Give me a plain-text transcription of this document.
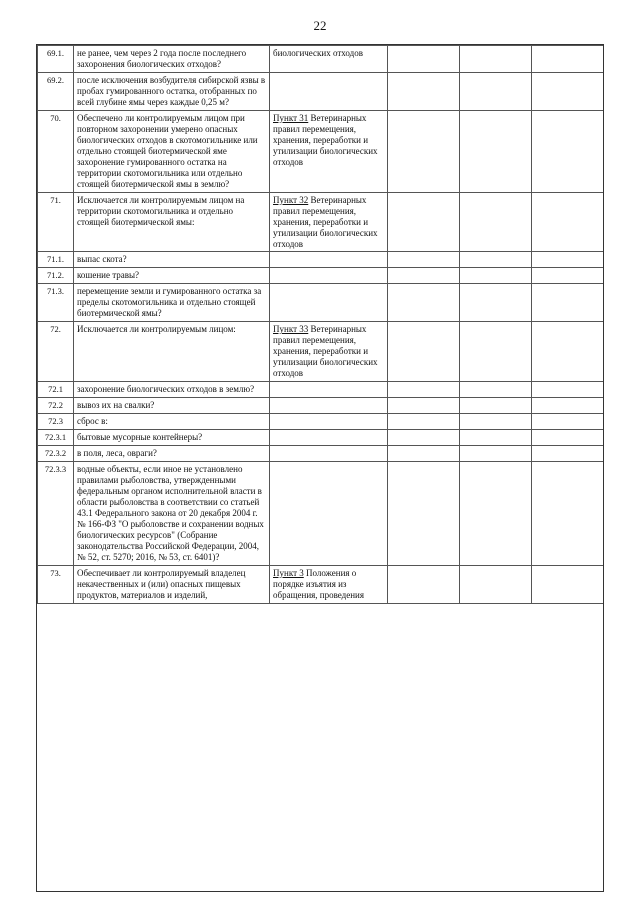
22
69.1.	не ранее, чем через 2 года после последнего захоронения биологических отходов?	биологических отходов			
69.2.	после исключения возбудителя сибирской язвы в пробах гумированного остатка, отобранных по всей глубине ямы через каждые 0,25 м?				
70.	Обеспечено ли контролируемым лицом при повторном захоронении умерено опасных биологических отходов в скотомогильнике или отдельно стоящей биотермической яме захоронение гумированного остатка на территории скотомогильника или отдельно стоящей биотермической ямы в землю?	Пункт 31 Ветеринарных правил перемещения, хранения, переработки и утилизации биологических отходов			
71.	Исключается ли контролируемым лицом на территории скотомогильника и отдельно стоящей биотермической ямы:	Пункт 32 Ветеринарных правил перемещения, хранения, переработки и утилизации биологических отходов			
71.1.	выпас скота?				
71.2.	кошение травы?				
71.3.	перемещение земли и гумированного остатка за пределы скотомогильника и отдельно стоящей биотермической ямы?				
72.	Исключается ли контролируемым лицом:	Пункт 33 Ветеринарных правил перемещения, хранения, переработки и утилизации биологических отходов			
72.1	захоронение биологических отходов в землю?				
72.2	вывоз их на свалки?				
72.3	сброс в:				
72.3.1	бытовые мусорные контейнеры?				
72.3.2	в поля, леса, овраги?				
72.3.3	водные объекты, если иное не установлено правилами рыболовства, утвержденными федеральным органом исполнительной власти в области рыболовства в соответствии со статьей 43.1 Федерального закона от 20 декабря 2004 г. № 166-ФЗ "О рыболовстве и сохранении водных биологических ресурсов" (Собрание законодательства Российской Федерации, 2004, № 52, ст. 5270; 2016, № 53, ст. 6401)?				
73.	Обеспечивает ли контролируемый владелец некачественных и (или) опасных пищевых продуктов, материалов и изделий,	Пункт 3 Положения о порядке изъятия из обращения, проведения			
